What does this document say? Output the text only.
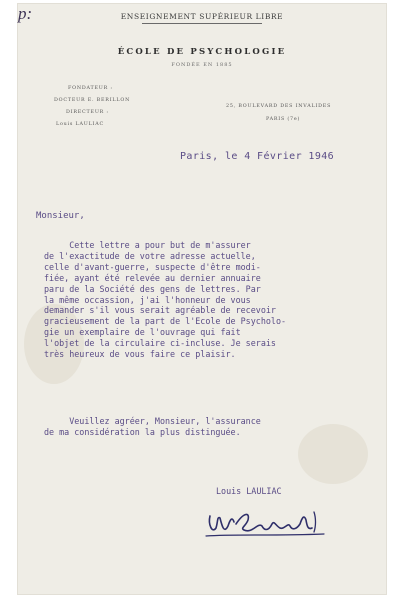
ENSEIGNEMENT SUPÉRIEUR LIBRE
ÉCOLE DE PSYCHOLOGIE
FONDÉE EN 1885
FONDATEUR :
DOCTEUR E. BERILLON
DIRECTEUR :
Louis LAULIAC
25, BOULEVARD DES INVALIDES
PARIS (7e)
Paris, le 4 Février 1946
Monsieur,
Cette lettre a pour but de m'assurer
de l'exactitude de votre adresse actuelle,
celle d'avant-guerre, suspecte d'être modi-
fiée, ayant été relevée au dernier annuaire
paru de la Société des gens de lettres. Par
la même occassion, j'ai l'honneur de vous
demander s'il vous serait agréable de recevoir
gracieusement de la part de l'Ecole de Psycholo-
gie un exemplaire de l'ouvrage qui fait
l'objet de la circulaire ci-incluse. Je serais
très heureux de vous faire ce plaisir.
Veuillez agréer, Monsieur, l'assurance
de ma considération la plus distinguée.
p:
Louis LAULIAC
